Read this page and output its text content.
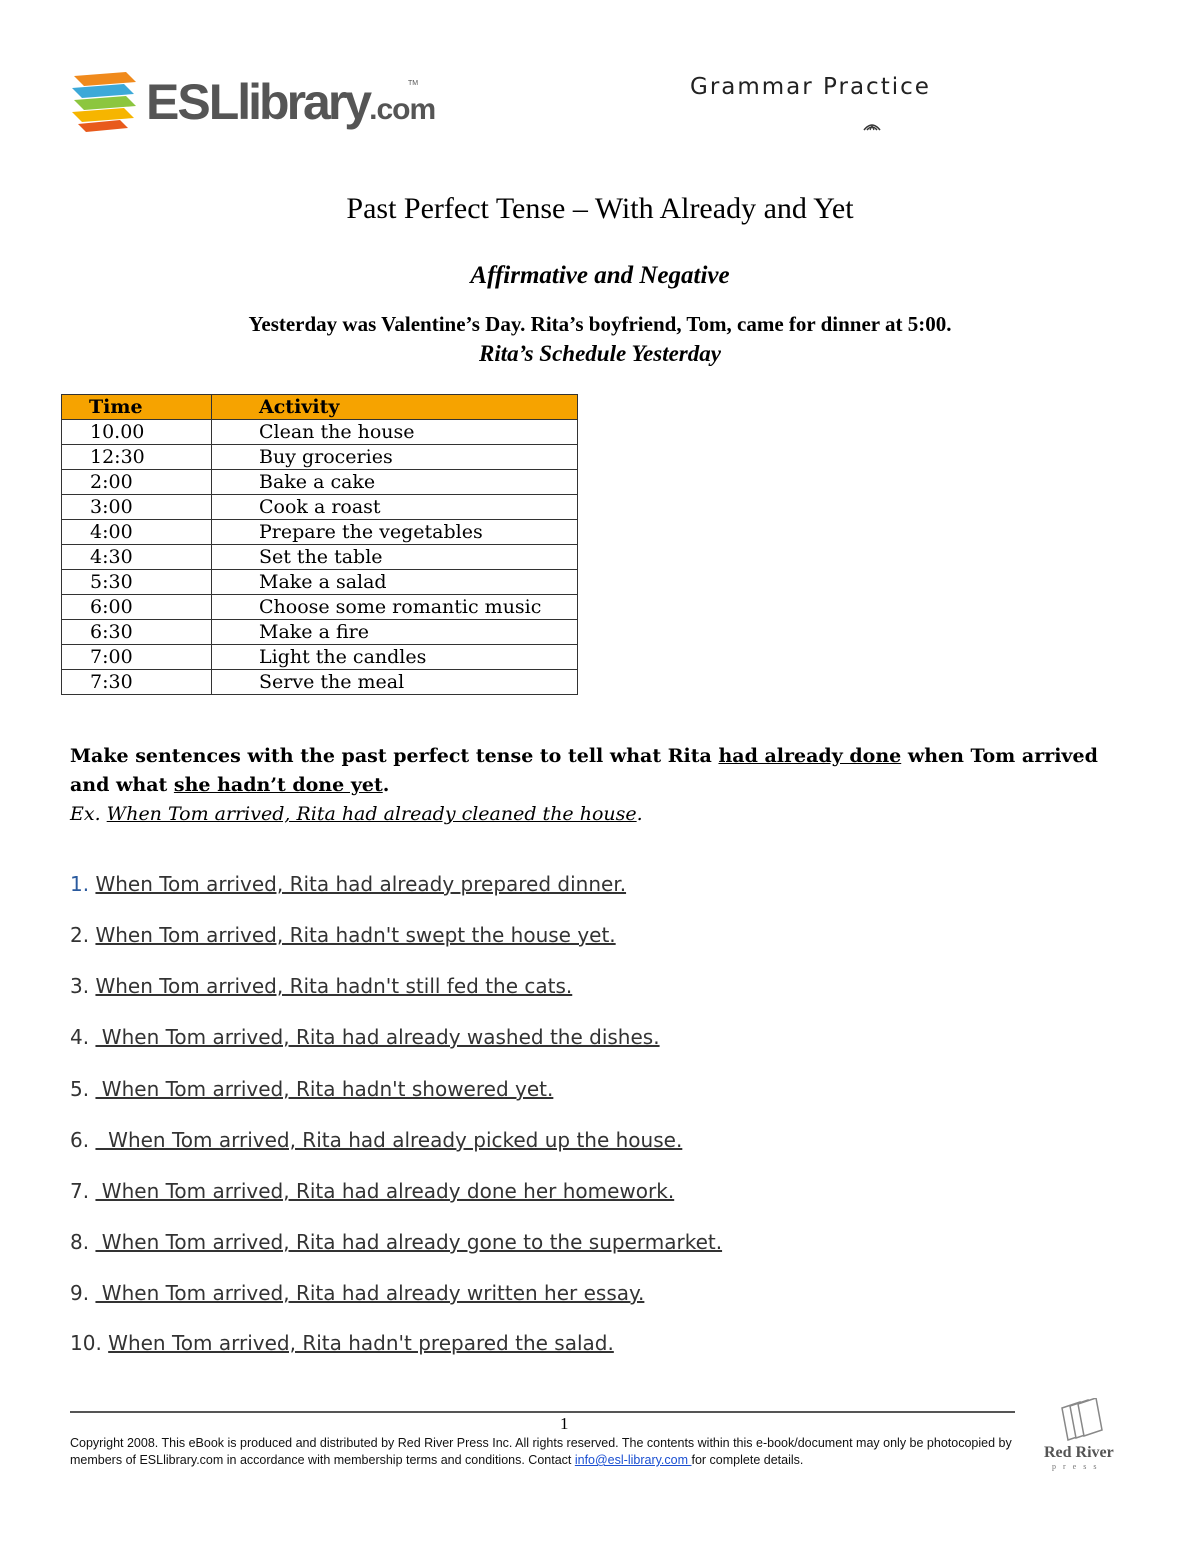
ESLlibrary.com
TM	Grammar Practice
Past Perfect Tense – With Already and Yet
Affirmative and Negative
Yesterday was Valentine’s Day. Rita’s boyfriend, Tom, came for dinner at 5:00.
Rita’s Schedule Yesterday
Time	Activity
10.00	Clean the house
12:30	Buy groceries
2:00	Bake a cake
3:00	Cook a roast
4:00	Prepare the vegetables
4:30	Set the table
5:30	Make a salad
6:00	Choose some romantic music
6:30	Make a fire
7:00	Light the candles
7:30	Serve the meal
Make sentences with the past perfect tense to tell what Rita had already done when Tom arrived and what she hadn’t done yet.
Ex. When Tom arrived, Rita had already cleaned the house.
1. When Tom arrived, Rita had already prepared dinner.
2. When Tom arrived, Rita hadn't swept the house yet.
3. When Tom arrived, Rita hadn't still fed the cats.
4.  When Tom arrived, Rita had already washed the dishes.
5.  When Tom arrived, Rita hadn't showered yet.
6.   When Tom arrived, Rita had already picked up the house.
7.  When Tom arrived, Rita had already done her homework.
8.  When Tom arrived, Rita had already gone to the supermarket.
9.  When Tom arrived, Rita had already written her essay.
10. When Tom arrived, Rita hadn't prepared the salad.
1
Copyright 2008. This eBook is produced and distributed by Red River Press Inc. All rights reserved. The contents within this e-book/document may only be photocopied by members of ESLlibrary.com in accordance with membership terms and conditions. Contact info@esl-library.com for complete details.	Red River
press
